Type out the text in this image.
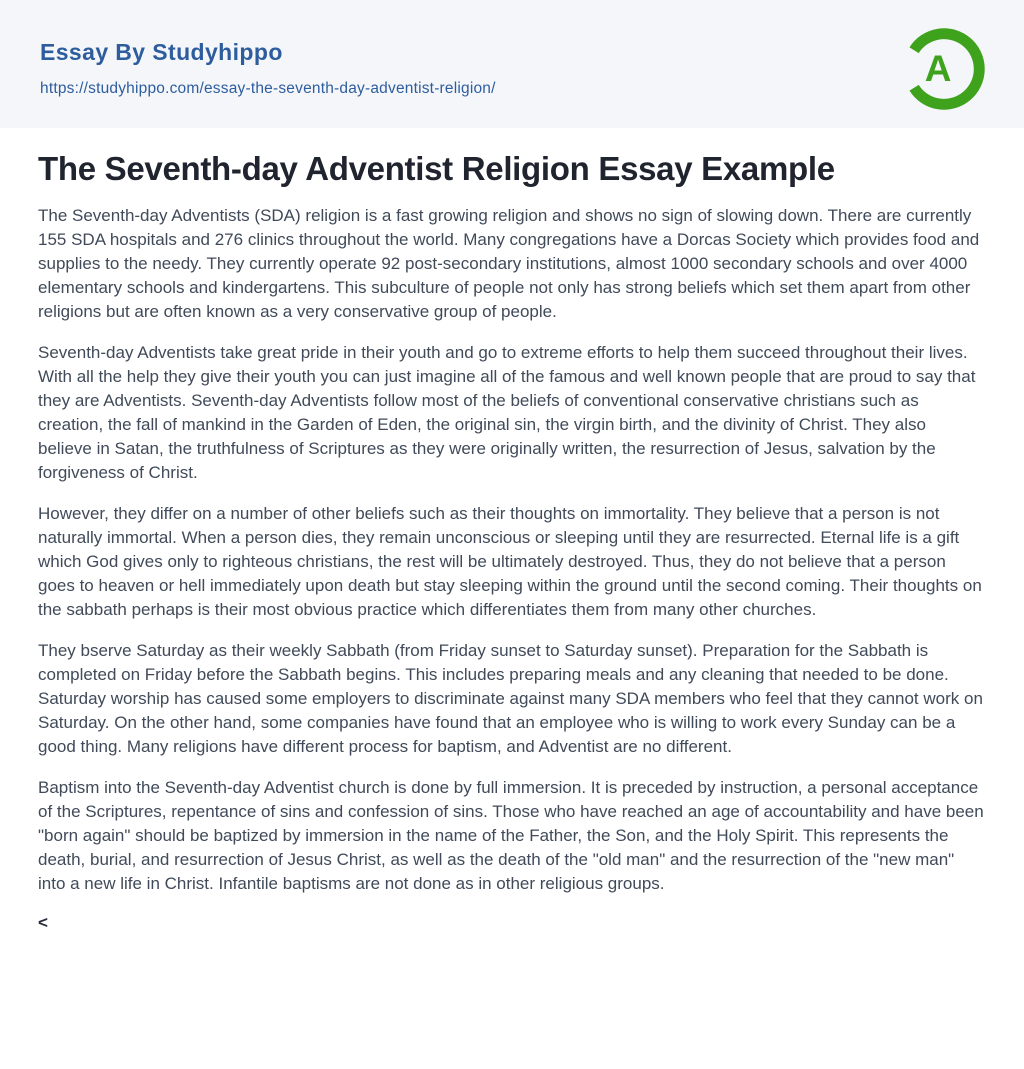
Essay By Studyhippo
https://studyhippo.com/essay-the-seventh-day-adventist-religion/	A
The Seventh-day Adventist Religion Essay Example

The Seventh-day Adventists (SDA) religion is a fast growing religion and shows no sign of slowing down. There are currently 155 SDA hospitals and 276 clinics throughout the world. Many congregations have a Dorcas Society which provides food and supplies to the needy. They currently operate 92 post-secondary institutions, almost 1000 secondary schools and over 4000 elementary schools and kindergartens. This subculture of people not only has strong beliefs which set them apart from other religions but are often known as a very conservative group of people.

Seventh-day Adventists take great pride in their youth and go to extreme efforts to help them succeed throughout their lives. With all the help they give their youth you can just imagine all of the famous and well known people that are proud to say that they are Adventists. Seventh-day Adventists follow most of the beliefs of conventional conservative christians such as creation, the fall of mankind in the Garden of Eden, the original sin, the virgin birth, and the divinity of Christ. They also believe in Satan, the truthfulness of Scriptures as they were originally written, the resurrection of Jesus, salvation by the forgiveness of Christ.

However, they differ on a number of other beliefs such as their thoughts on immortality. They believe that a person is not naturally immortal. When a person dies, they remain unconscious or sleeping until they are resurrected. Eternal life is a gift which God gives only to righteous christians, the rest will be ultimately destroyed. Thus, they do not believe that a person goes to heaven or hell immediately upon death but stay sleeping within the ground until the second coming. Their thoughts on the sabbath perhaps is their most obvious practice which differentiates them from many other churches.

They bserve Saturday as their weekly Sabbath (from Friday sunset to Saturday sunset). Preparation for the Sabbath is completed on Friday before the Sabbath begins. This includes preparing meals and any cleaning that needed to be done. Saturday worship has caused some employers to discriminate against many SDA members who feel that they cannot work on Saturday. On the other hand, some companies have found that an employee who is willing to work every Sunday can be a good thing. Many religions have different process for baptism, and Adventist are no different.

Baptism into the Seventh-day Adventist church is done by full immersion. It is preceded by instruction, a personal acceptance of the Scriptures, repentance of sins and confession of sins. Those who have reached an age of accountability and have been "born again" should be baptized by immersion in the name of the Father, the Son, and the Holy Spirit. This represents the death, burial, and resurrection of Jesus Christ, as well as the death of the "old man" and the resurrection of the "new man" into a new life in Christ. Infantile baptisms are not done as in other religious groups.

<
